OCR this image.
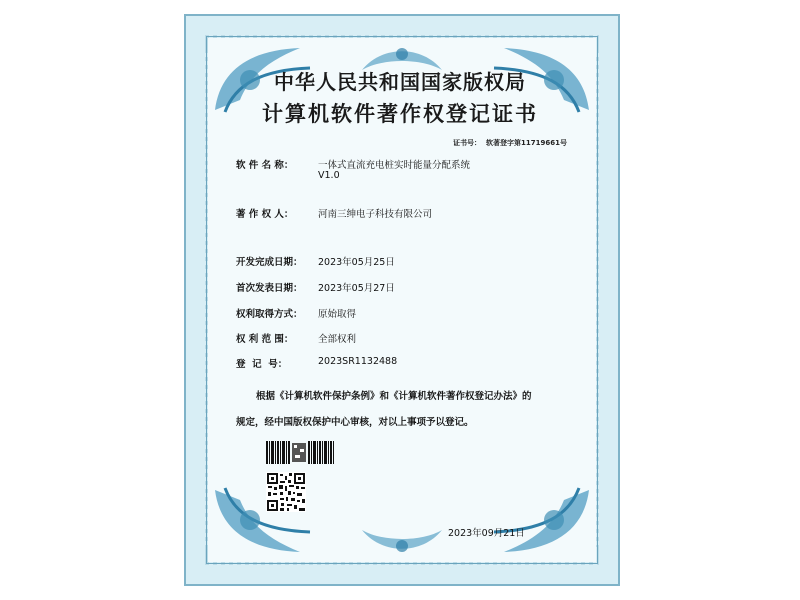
中华人民共和国国家版权局
计算机软件著作权登记证书
证书号： 软著登字第11719661号
软 件 名 称：	一体式直流充电桩实时能量分配系统
V1.0
著 作 权 人：	河南三绅电子科技有限公司
开发完成日期： 2023年05月25日
首次发表日期： 2023年05月27日
权利取得方式： 原始取得
权 利 范 围：	全部权利
登  记  号：	2023SR1132488
根据《计算机软件保护条例》和《计算机软件著作权登记办法》的
规定，经中国版权保护中心审核，对以上事项予以登记。
2023年09月21日
